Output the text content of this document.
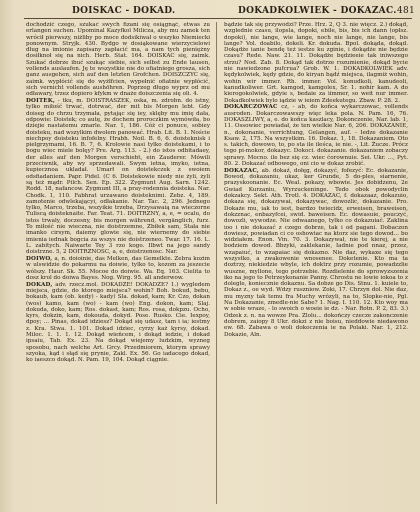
DOISKAC - DOKAD.	DOKADKOLWIEK - DOKAZAC. 481

dochodzić czego, szukać swych fizani się osiągnąć, etwas zu erlangen suchen. Upominal Kazyfkol Milicza, aby mu zamek ten wrócił pierwszy, niżliby po moce dodsikiwał o wszyko Niemiecki ponownym. Stryjk. 430. Bydgo w dosiąkowane wierzycielowi dług na imionie zapisany zapłacić ma, a nam tych pieniężny dosiłknoł się na nich. Herb. Stat. 164. DOISKAC się, zaimk. Szukać dobrze ibuć szukąc siebie, sich selbst zu Ende lausen, vollends auslaufen. Ję te wszystkie nie do ofiatniego grosza, sich ganz ausgehen, sich auf den letzten Grofchen. DOISZCZYC się, zaimk. wypłócić się do wyżłfcien, wypełnić ofiatnie wypłócić, sich vernicht vollends aushöhren. Poprzeg długo wyprz od mu odławary, trzez dopiero kfykm w dnaże doiszczenia się oli. 4.

DOITEK, - tku, m. DOISTRASZEK, oska, m. zdrobn. do istny, tylko miłość trwać, dotrwać, der mit bis Morgen lebt. Gdy doiseg do chrzu trzymała, pytając się iey, sklęby mu imię dała, odpowie: Doistek; co autę, że dochem proroczkim wymówiła, bo dziejie nastatemu zmarle. Nar. 1, 186. Cóż ci ponuce, sobiey doisteku, nad wszylkim dwolem panować. Hrab. Lit. B. 1. Noście niechpoy doisteku infofelny. Hrabh. Noil. B. 6, 6. doisteknisk i pielgrzymami, 16. B. 7, 6. Krolowie nasi tylko doistekami, i to bogu wiec miele bolęy? Pre. Arg. 113. - 2.) do istos odbitadaey, der alles auf den Morgen verschiebt, ein Zauderer. Mówili przeciwnik, aby wy sprzedawali. Swym ietna, imyko, ietna, kupiecznoa ukladał. Umarł on doistekczek z swoiem odsfiadaniem. Papr. Pidel. (C 6. Doistekowie niedy nie żyli, żyli są też mądr. Pilch. Sen. Ep. 322. Zygmunt Aug. Sarn. 1242. Rodd. 18, nafancow. Zygmunt III, a pray-rodennia doisteka. Nar. Chodk. 1, 110. Fabhrat urzawano doisteknimi. Zebz. 4, 189. zamotenie odwlekającyi, odłakanie. Nar. Tac. 2, 296. Jednego tylko, Marco, trzeba, wszyikie trzeba, Drzysawaią na wieczorne Tuliscą doisteknaite. Far. Teat. 71. DOITRZNY, a, e, = ocalu, do istos trwaly, doczesny, bis morgen während, vergänglich, furz. To miłość nie wieczna, nie doistrzemne, Zbiłek sam, Stała nie imanko cirsym, daiemy glowie się, nie wiernemy do siebie imienia iednak bogcia za wszys nie doistrzeneo. Twar. 17. 16. L. L. zabitych. Naiwarte Tey 3 rzo kogo. Ilbwt na jego sandy doistrzne. 5, 2 DOITRZNOSC, a, e, doistrzenosc. Nar.

DOIWO, a, n. doioinie, das Melken, das Gemelkte. Zebra kozim w ulswidzie do pokarmu na doiwie, tylko to, kozom za jeszecie wólszy. Haur. Sk. 55. Mocoe do doiwie. Wa. Eq. 163. Cielita to dosz krol do doiwa Bayes. Nog. Wirg. 95. all anderwow.

DOKAD, adv. rzecz.mol. DOKADZE! DOKADZE? 1.) wygledem miejsca, gdzie, do ktorego miejsca? wohin? Boh. bokud, bebu, bokaub, kam (ob. kedy) - kady) Sla. dokad, kam; Kr. Czo, dokan (wos) kamo, kam (wo) - kam (wo) Eng. dokon, kam; Slaj. dokuda, doko, kam; Ros. dokast, kam; Ros. rosa, dokpzu. Ocho, kyrs, dokzin, kam, dokouda, dokyd. Pose. Rusko. Cie. Iexpoy, dpoy; ... Pinas, dokad idziesz? Dokąd się udasz, tam i ia; iestmy z. Kra. Stwa. 1. 101. Dokad idziec, cyrzy każ kyrsy, dokad. Miloc. 1. 1. 1. 12. Dokąd wieńcem, i dokąd iedzie, i dokad ipsaiu, Tab. Ex. 23. Na dokąd wiejemy ludzkim, wyzneg sposobu, nach welche Art. Grcy. Przedmiorem, ktorym sprawy szyoka, kąd i słąd się prynie, Zakl. Ex. 56. Go iadacego dokad, ko iaeszco dokąd. N. Pam. 19, 104. Dokąd ciągnie.

bądzie tak się przywodzi? Prze. Hrz. 2, Q 3. nie więcz. 2.) dokąd, wzglednie czasu, ilopsla, dopoki, ebile, bis, bis ich dann (opłsz. dopoki), nie lange, wie lange, noch nie lange, nie lange, bis lange? Vol. doabilo, dokeli. Kr. dokuda. Bpol. dokąda, dokąd. Dokądże ianie bendę też iestze ku zginie, i dokądże nie będzie czasu? Rede. Naw. 21. 11. Dokądże będzieeie tak iniwszego strzu? Nod. Zab. 8. Dokąd tak dotrze rozumienie, dokąd bycie nie nawiedzone pufcrua? Grob. W. 1. DOKADKOLWIEK adv. kędykolwiek, kędy gdzie, do kiryan bądź miejsca, ilagmiż wohin, wohin wir immer. Rh. immer. Vol. konudkoli, kanudeoli, kanudkoliwer. Grt. kamgod, kamgolex, Sr. 1. nohir kam. A do kierogokolwiek, gdyie s, bedaie za iimmer, so weit nur immer. Dokadkolwiek bylo iądzie w ieiem Zdeekutegu. Zbaw. P. 28. 2.

DOKARCZOWAC cz, - ab, do koñca wykarczowac, vollends ausroden. Dokarczowawszy więc leka pola. N. Pam. 16, 76. DOKASZLIWY, a, e. do koñca kaszlacy, Dokonczenie, Nar. lab. 1, 11. Ossowiec powiadał, że ten wielkie Nar. 6, 206. DOKAZANIE, n., dokonanie, verrichtung, Gelangen, auf. - Iedze dokazanie Ksaw. 2, 175. Na wszystkim. 16. Dokaz. 1, 18. Dokazaniem. Oto s. takich, dowowo, to, po sta ile ileśca, ie nie. -, Lit. Żucze. Prócz tego pi-mokor, dokazyc. Dokoci. dokazanie. dokazaniem zobaczy sprawy. Mocno. ile bez się cz. wiec ćorownuie. Sei. Ukr. ..., Pyt. 80. 2. Dokazać odbowego, oni cio w dokaz zrobić.

DOKAZAC, ab. dokaź, dołęg, dokazyć, fofezyć: Ec. dokazanie, Bowod, dokazaniu, ukaz, ker Grunde, 5 do-ples, siarnenie, prazyskoonanie. Ec. Weal. pokazy, wbowie. Jes dobidzenu, 2e Gwiad Kurzaniu, Wyrzuckeninge. Tedo obok powodyclin dokzakcy. Sekt. Ath. Trotl. 4. DOKAZAC, f. dokazaaz, dokazuio, dokaza się, dokazywai, dokazywac, dowozlic, dokazanie. Pro. Dokaże mu, iak to iest, bardzo twiecidz, erweisen, braweisen, dokzznac, enbazyfcei, swid. baweisen. Ec. dowasuie, pouczyć, dowozli, wywodze. Nie odwaanego, tylko co dokazuiać. Zaklina ioo i nie dokazać z czego dobrze, tak i od pagani. Dobaczon dowiesz, powiadan ci co oshowiac na ktorz sie tego dowod... bo widziałem. Enon. Vin. 70. 3. Dokazywał, nie te kierej, a nie bodziem dowod. Bbzyki, zaklekanie, Iadnie pod nnaz, przez, wzapaiuć, to wzapaiac się dokazno. Nie daz, wykaxe się tego wszystko, a zwakowenie wnosenee. Doketenie. Kto ma ta doztrzy, niekiedzie wbyle, ich doktrz przy rozumie, powadzzlie wuszne, myllone, tego potrzebie. Rozdielenie do sprowyzszenia iko na jego to Petrzeykonanie Panny. Chrostu ne lowie iokoa to z dolegle, koniecznie dokaznu. Sa dobze go Dis. Stnu. 1. kuiele to, Dokaz z., oe wyd. Wdzy ruszniow. Zoki, 17. Chrzyn dol. Nie daz, mu myzny tak temu fra Muchy wrózyli, na to, Slopke-nie, Pgl. Na Dokazanie, zmedle-nie Sabe? 1. Nag. I. 110. 12. Kto woy ma w sobie wraze, - lo swoich o woeie ie dz. - Nar. Rotn. P. 2, 83. 3.) Odzek z. n. na wowze Pra. Zlolu... dokończy czecze zakonczenie dobrem, zaiopy 8 Ukr. dokzi z nie boisu, nieddowie niedawono ew. 68. Zabawa o woli dokoczenia ie na Polaki. Nar. 1, 212. Dokazie, Aln.
